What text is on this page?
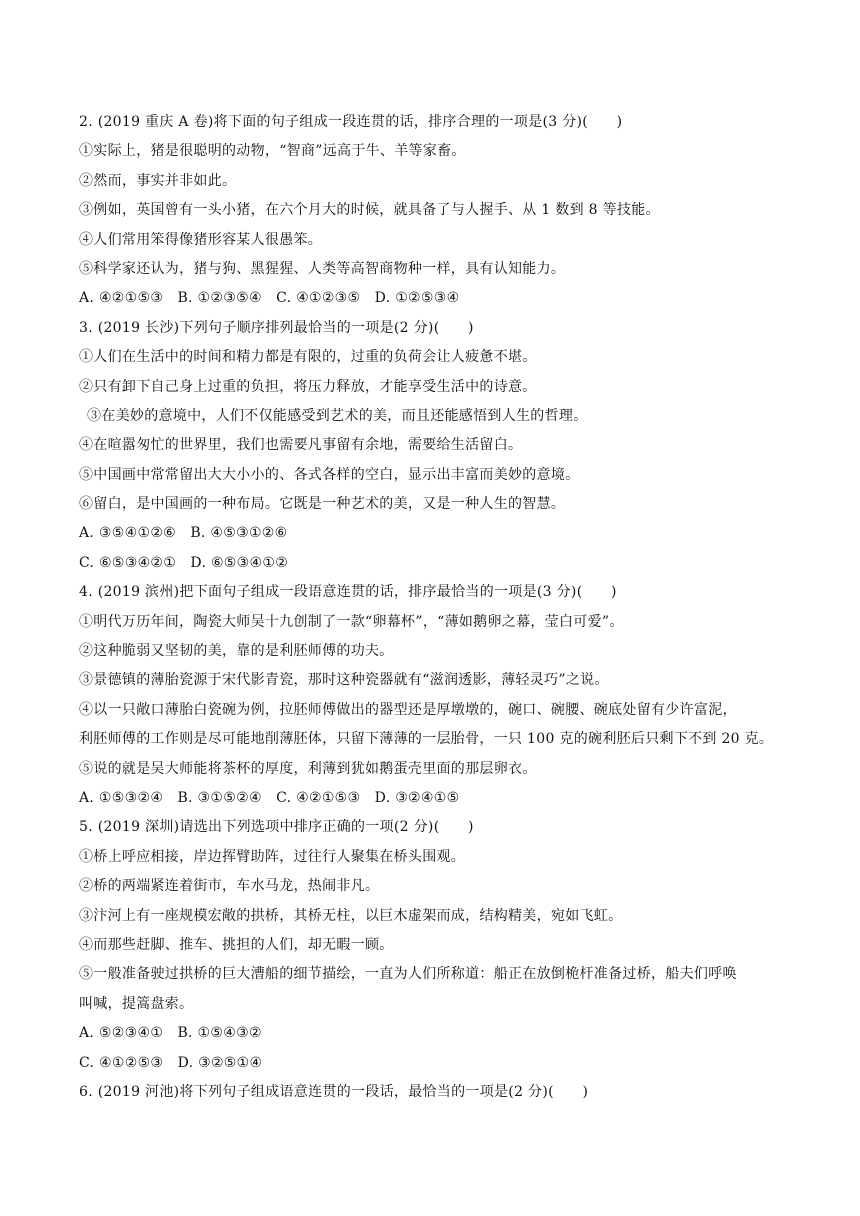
2. (2019 重庆 A 卷)将下面的句子组成一段连贯的话，排序合理的一项是(3 分)(　　)
①实际上，猪是很聪明的动物，“智商”远高于牛、羊等家畜。
②然而，事实并非如此。
③例如，英国曾有一头小猪，在六个月大的时候，就具备了与人握手、从 1 数到 8 等技能。
④人们常用笨得像猪形容某人很愚笨。
⑤科学家还认为，猪与狗、黑猩猩、人类等高智商物种一样，具有认知能力。
A. ④②①⑤③　B. ①②③⑤④　C. ④①②③⑤　D. ①②⑤③④
3. (2019 长沙)下列句子顺序排列最恰当的一项是(2 分)(　　)
①人们在生活中的时间和精力都是有限的，过重的负荷会让人疲惫不堪。
②只有卸下自己身上过重的负担，将压力释放，才能享受生活中的诗意。
③在美妙的意境中，人们不仅能感受到艺术的美，而且还能感悟到人生的哲理。
④在喧嚣匆忙的世界里，我们也需要凡事留有余地，需要给生活留白。
⑤中国画中常常留出大大小小的、各式各样的空白，显示出丰富而美妙的意境。
⑥留白，是中国画的一种布局。它既是一种艺术的美，又是一种人生的智慧。
A. ③⑤④①②⑥　B. ④⑤③①②⑥
C. ⑥⑤③④②①　D. ⑥⑤③④①②
4. (2019 滨州)把下面句子组成一段语意连贯的话，排序最恰当的一项是(3 分)(　　)
①明代万历年间，陶瓷大师吴十九创制了一款“卵幕杯”，“薄如鹅卵之幕，莹白可爱”。
②这种脆弱又坚韧的美，靠的是利胚师傅的功夫。
③景德镇的薄胎瓷源于宋代影青瓷，那时这种瓷器就有“滋润透影，薄轻灵巧”之说。
④以一只敞口薄胎白瓷碗为例，拉胚师傅做出的器型还是厚墩墩的，碗口、碗腰、碗底处留有少许富泥，
利胚师傅的工作则是尽可能地削薄胚体，只留下薄薄的一层胎骨，一只 100 克的碗利胚后只剩下不到 20 克。
⑤说的就是吴大师能将茶杯的厚度，利薄到犹如鹅蛋壳里面的那层卵衣。
A. ①⑤③②④　B. ③①⑤②④　C. ④②①⑤③　D. ③②④①⑤
5. (2019 深圳)请选出下列选项中排序正确的一项(2 分)(　　)
①桥上呼应相接，岸边挥臂助阵，过往行人聚集在桥头围观。
②桥的两端紧连着街市，车水马龙，热闹非凡。
③汴河上有一座规模宏敞的拱桥，其桥无柱，以巨木虚架而成，结构精美，宛如飞虹。
④而那些赶脚、推车、挑担的人们，却无暇一顾。
⑤一般准备驶过拱桥的巨大漕船的细节描绘，一直为人们所称道：船正在放倒桅杆准备过桥，船夫们呼唤
叫喊，提篙盘索。
A. ⑤②③④①　B. ①⑤④③②
C. ④①②⑤③　D. ③②⑤①④
6. (2019 河池)将下列句子组成语意连贯的一段话，最恰当的一项是(2 分)(　　)
